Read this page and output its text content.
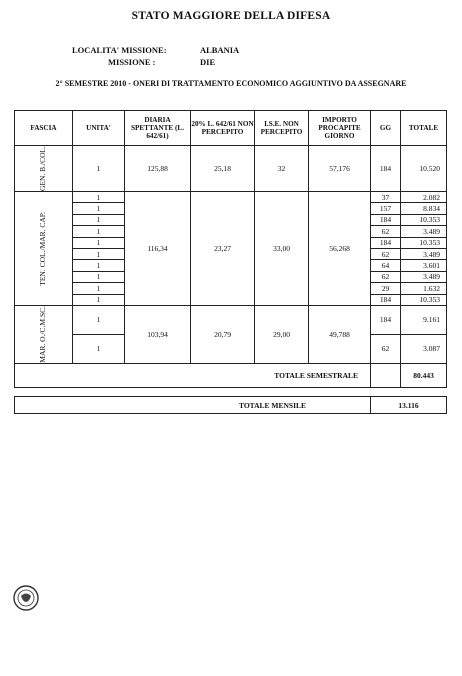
STATO MAGGIORE DELLA DIFESA
LOCALITA' MISSIONE:	ALBANIA
MISSIONE :	DIE
2° SEMESTRE 2010 - ONERI DI TRATTAMENTO ECONOMICO AGGIUNTIVO DA ASSEGNARE
FASCIA	UNITA'	DIARIA SPETTANTE (L. 642/61)	20% L. 642/61 NON PERCEPITO	I.S.E. NON PERCEPITO	IMPORTO PROCAPITE GIORNO	GG	TOTALE

GEN. B./COL.	1	125,88	25,18	32	57,176	184	10.520

TEN. COL./MAR. CAP.	1	116,34	23,27	33,00	56,268	37	2.082
	1					157	8.834
	1					184	10.353
	1					62	3.489
	1					184	10.353
	1					62	3.489
	1					64	3.601
	1					62	3.489
	1					29	1.632
	1					184	10.353

MAR. O./C.M.SC.	1	103,94	20,79	29,00	49,788	184	9.161
	1					62	3.087
TOTALE SEMESTRALE							80.443
TOTALE MENSILE	13.116
